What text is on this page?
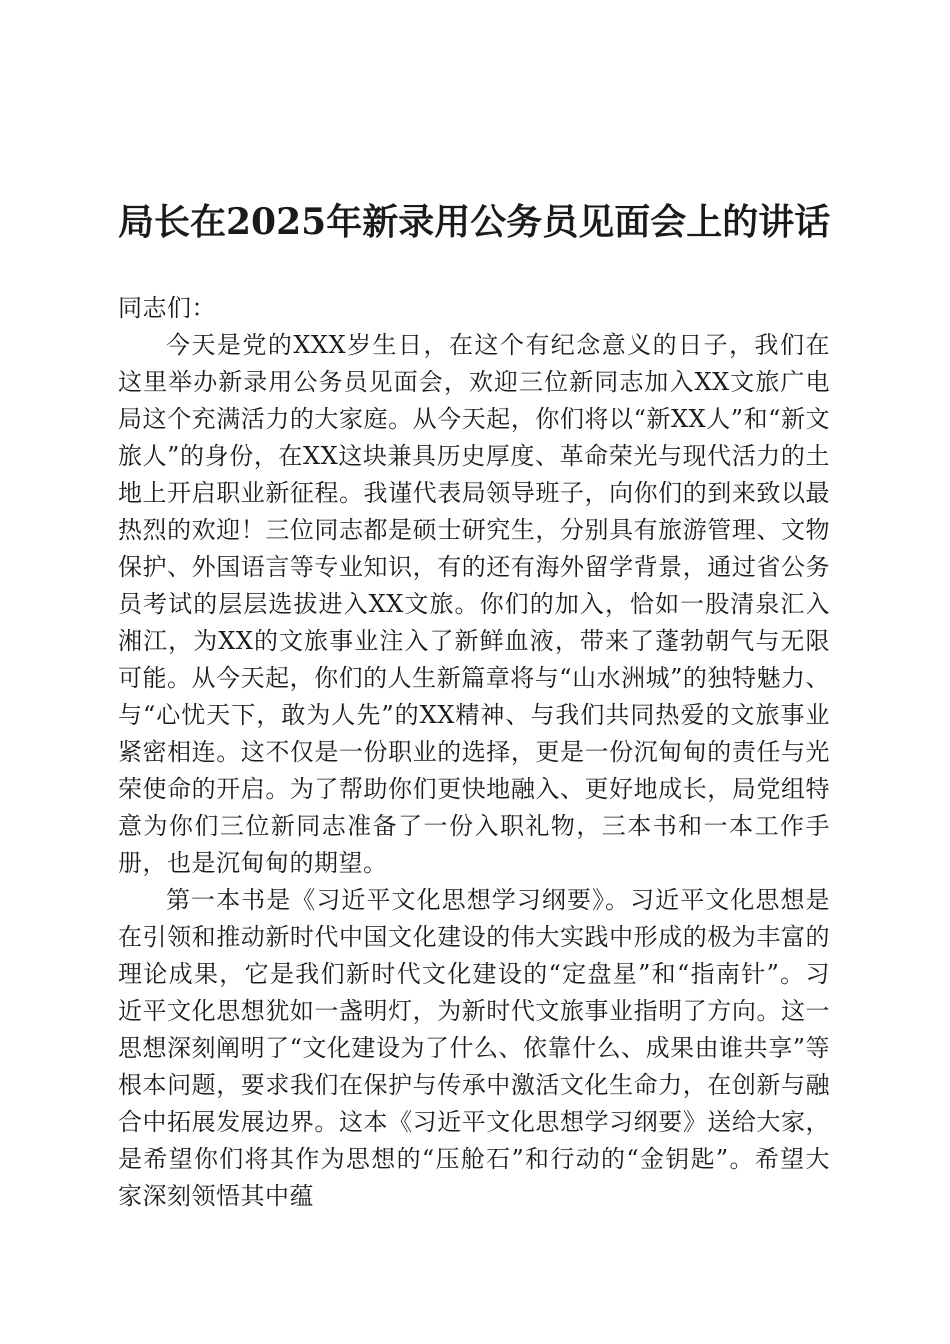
局长在2025年新录用公务员见面会上的讲话

同志们：

今天是党的XXX岁生日，在这个有纪念意义的日子，我们在这里举办新录用公务员见面会，欢迎三位新同志加入XX文旅广电局这个充满活力的大家庭。从今天起，你们将以“新XX人”和“新文旅人”的身份，在XX这块兼具历史厚度、革命荣光与现代活力的土地上开启职业新征程。我谨代表局领导班子，向你们的到来致以最热烈的欢迎！三位同志都是硕士研究生，分别具有旅游管理、文物保护、外国语言等专业知识，有的还有海外留学背景，通过省公务员考试的层层选拔进入XX文旅。你们的加入，恰如一股清泉汇入湘江，为XX的文旅事业注入了新鲜血液，带来了蓬勃朝气与无限可能。从今天起，你们的人生新篇章将与“山水洲城”的独特魅力、与“心忧天下，敢为人先”的XX精神、与我们共同热爱的文旅事业紧密相连。这不仅是一份职业的选择，更是一份沉甸甸的责任与光荣使命的开启。为了帮助你们更快地融入、更好地成长，局党组特意为你们三位新同志准备了一份入职礼物，三本书和一本工作手册，也是沉甸甸的期望。

第一本书是《习近平文化思想学习纲要》。习近平文化思想是在引领和推动新时代中国文化建设的伟大实践中形成的极为丰富的理论成果，它是我们新时代文化建设的“定盘星”和“指南针”。习近平文化思想犹如一盏明灯，为新时代文旅事业指明了方向。这一思想深刻阐明了“文化建设为了什么、依靠什么、成果由谁共享”等根本问题，要求我们在保护与传承中激活文化生命力，在创新与融合中拓展发展边界。这本《习近平文化思想学习纲要》送给大家，是希望你们将其作为思想的“压舱石”和行动的“金钥匙”。希望大家深刻领悟其中蕴
